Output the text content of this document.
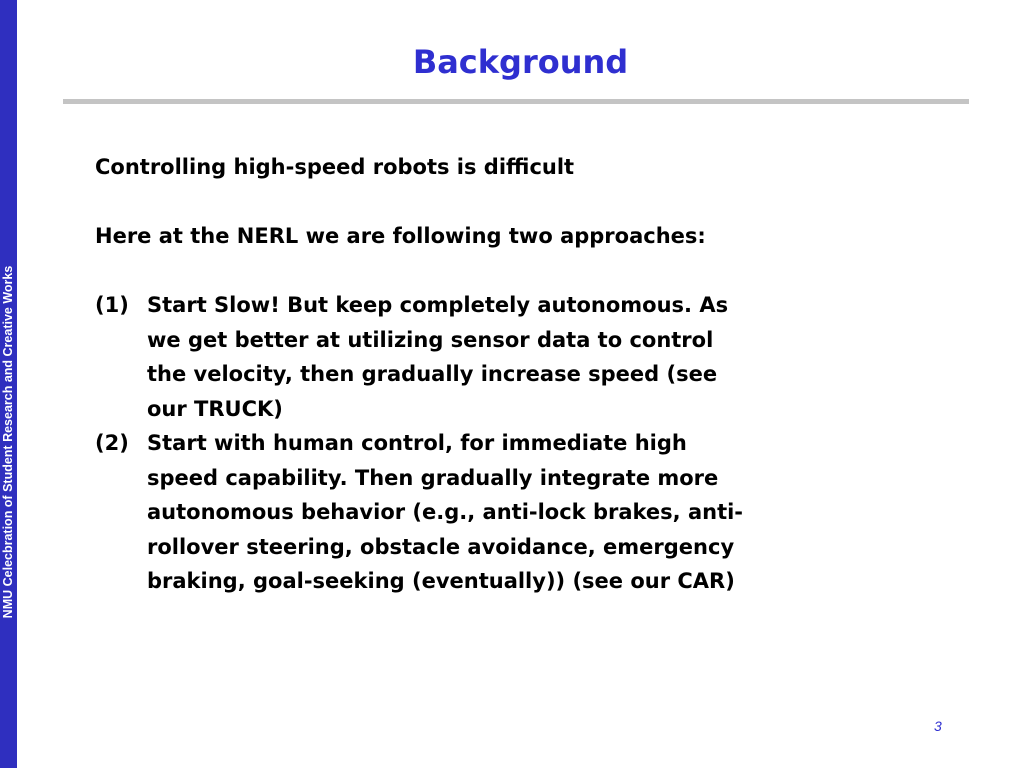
NMU Celecbration of Student Research and Creative Works
Background

Controlling high-speed robots is difficult

Here at the NERL we are following two approaches:

(1) Start Slow! But keep completely autonomous. As
we get better at utilizing sensor data to control
the velocity, then gradually increase speed (see
our TRUCK)
(2) Start with human control, for immediate high
speed capability. Then gradually integrate more
autonomous behavior (e.g., anti-lock brakes, anti-
rollover steering, obstacle avoidance, emergency
braking, goal-seeking (eventually)) (see our CAR)
3
